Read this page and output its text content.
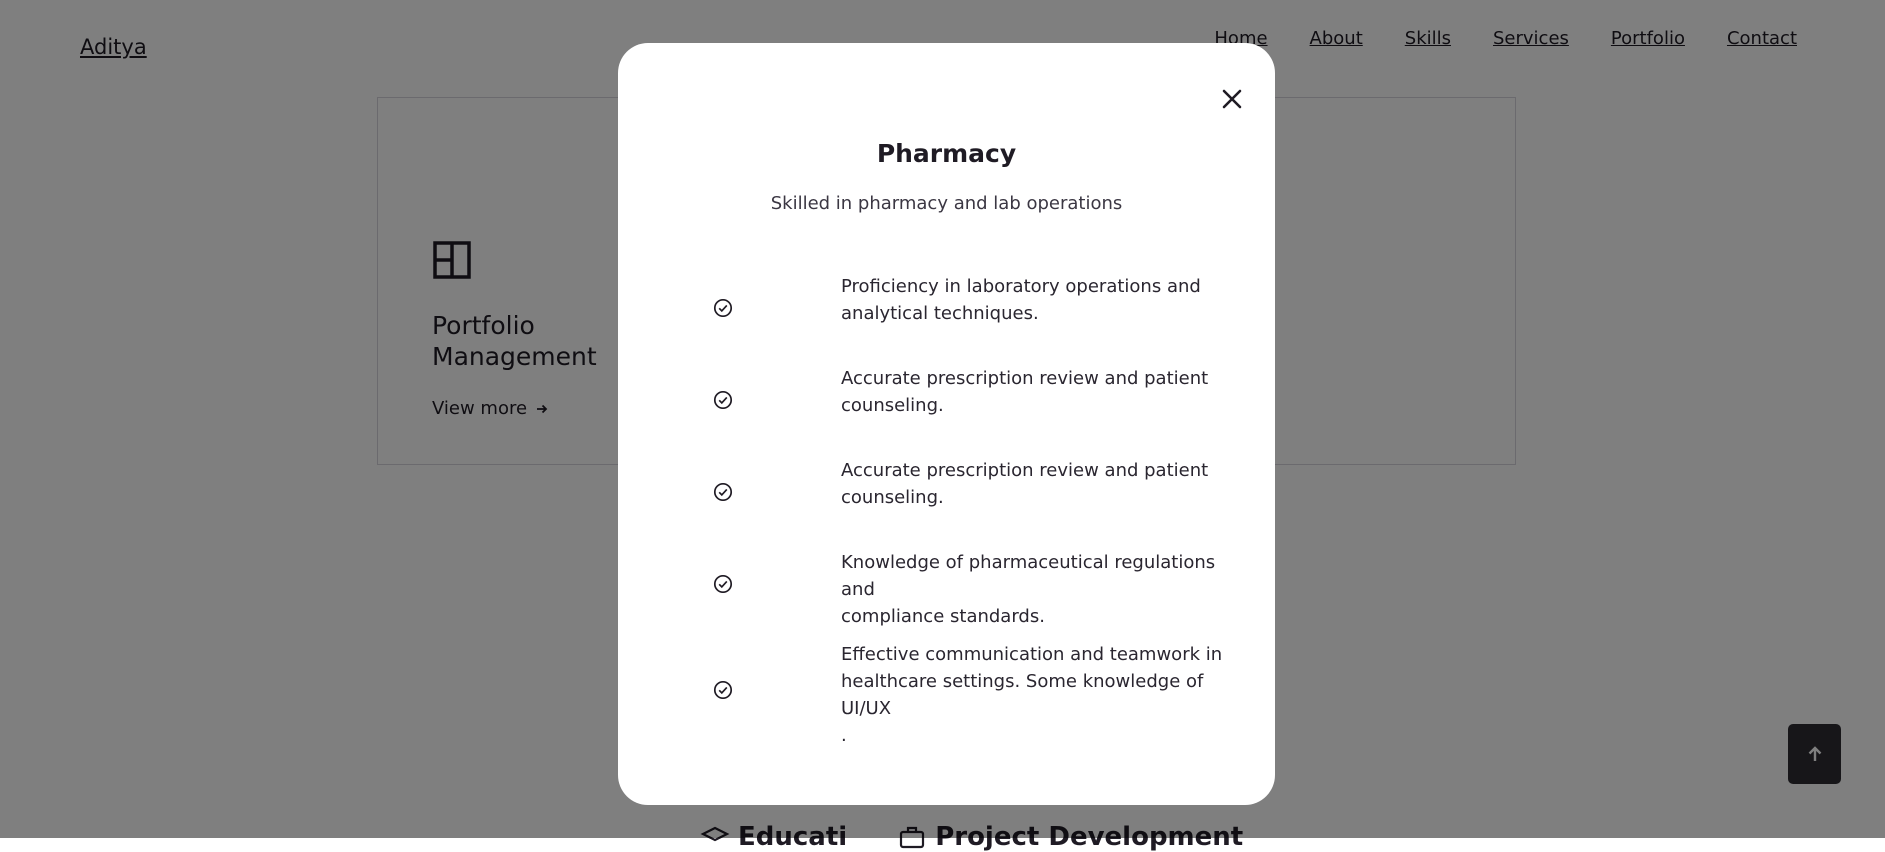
Pharmacy
Skilled in pharmacy and lab operations
Proficiency in laboratory operations and
analytical techniques.
Accurate prescription review and patient
counseling.
Accurate prescription review and patient
counseling.
Knowledge of pharmaceutical regulations and
compliance standards.
Effective communication and teamwork in
healthcare settings. Some knowledge of UI/UX
.
